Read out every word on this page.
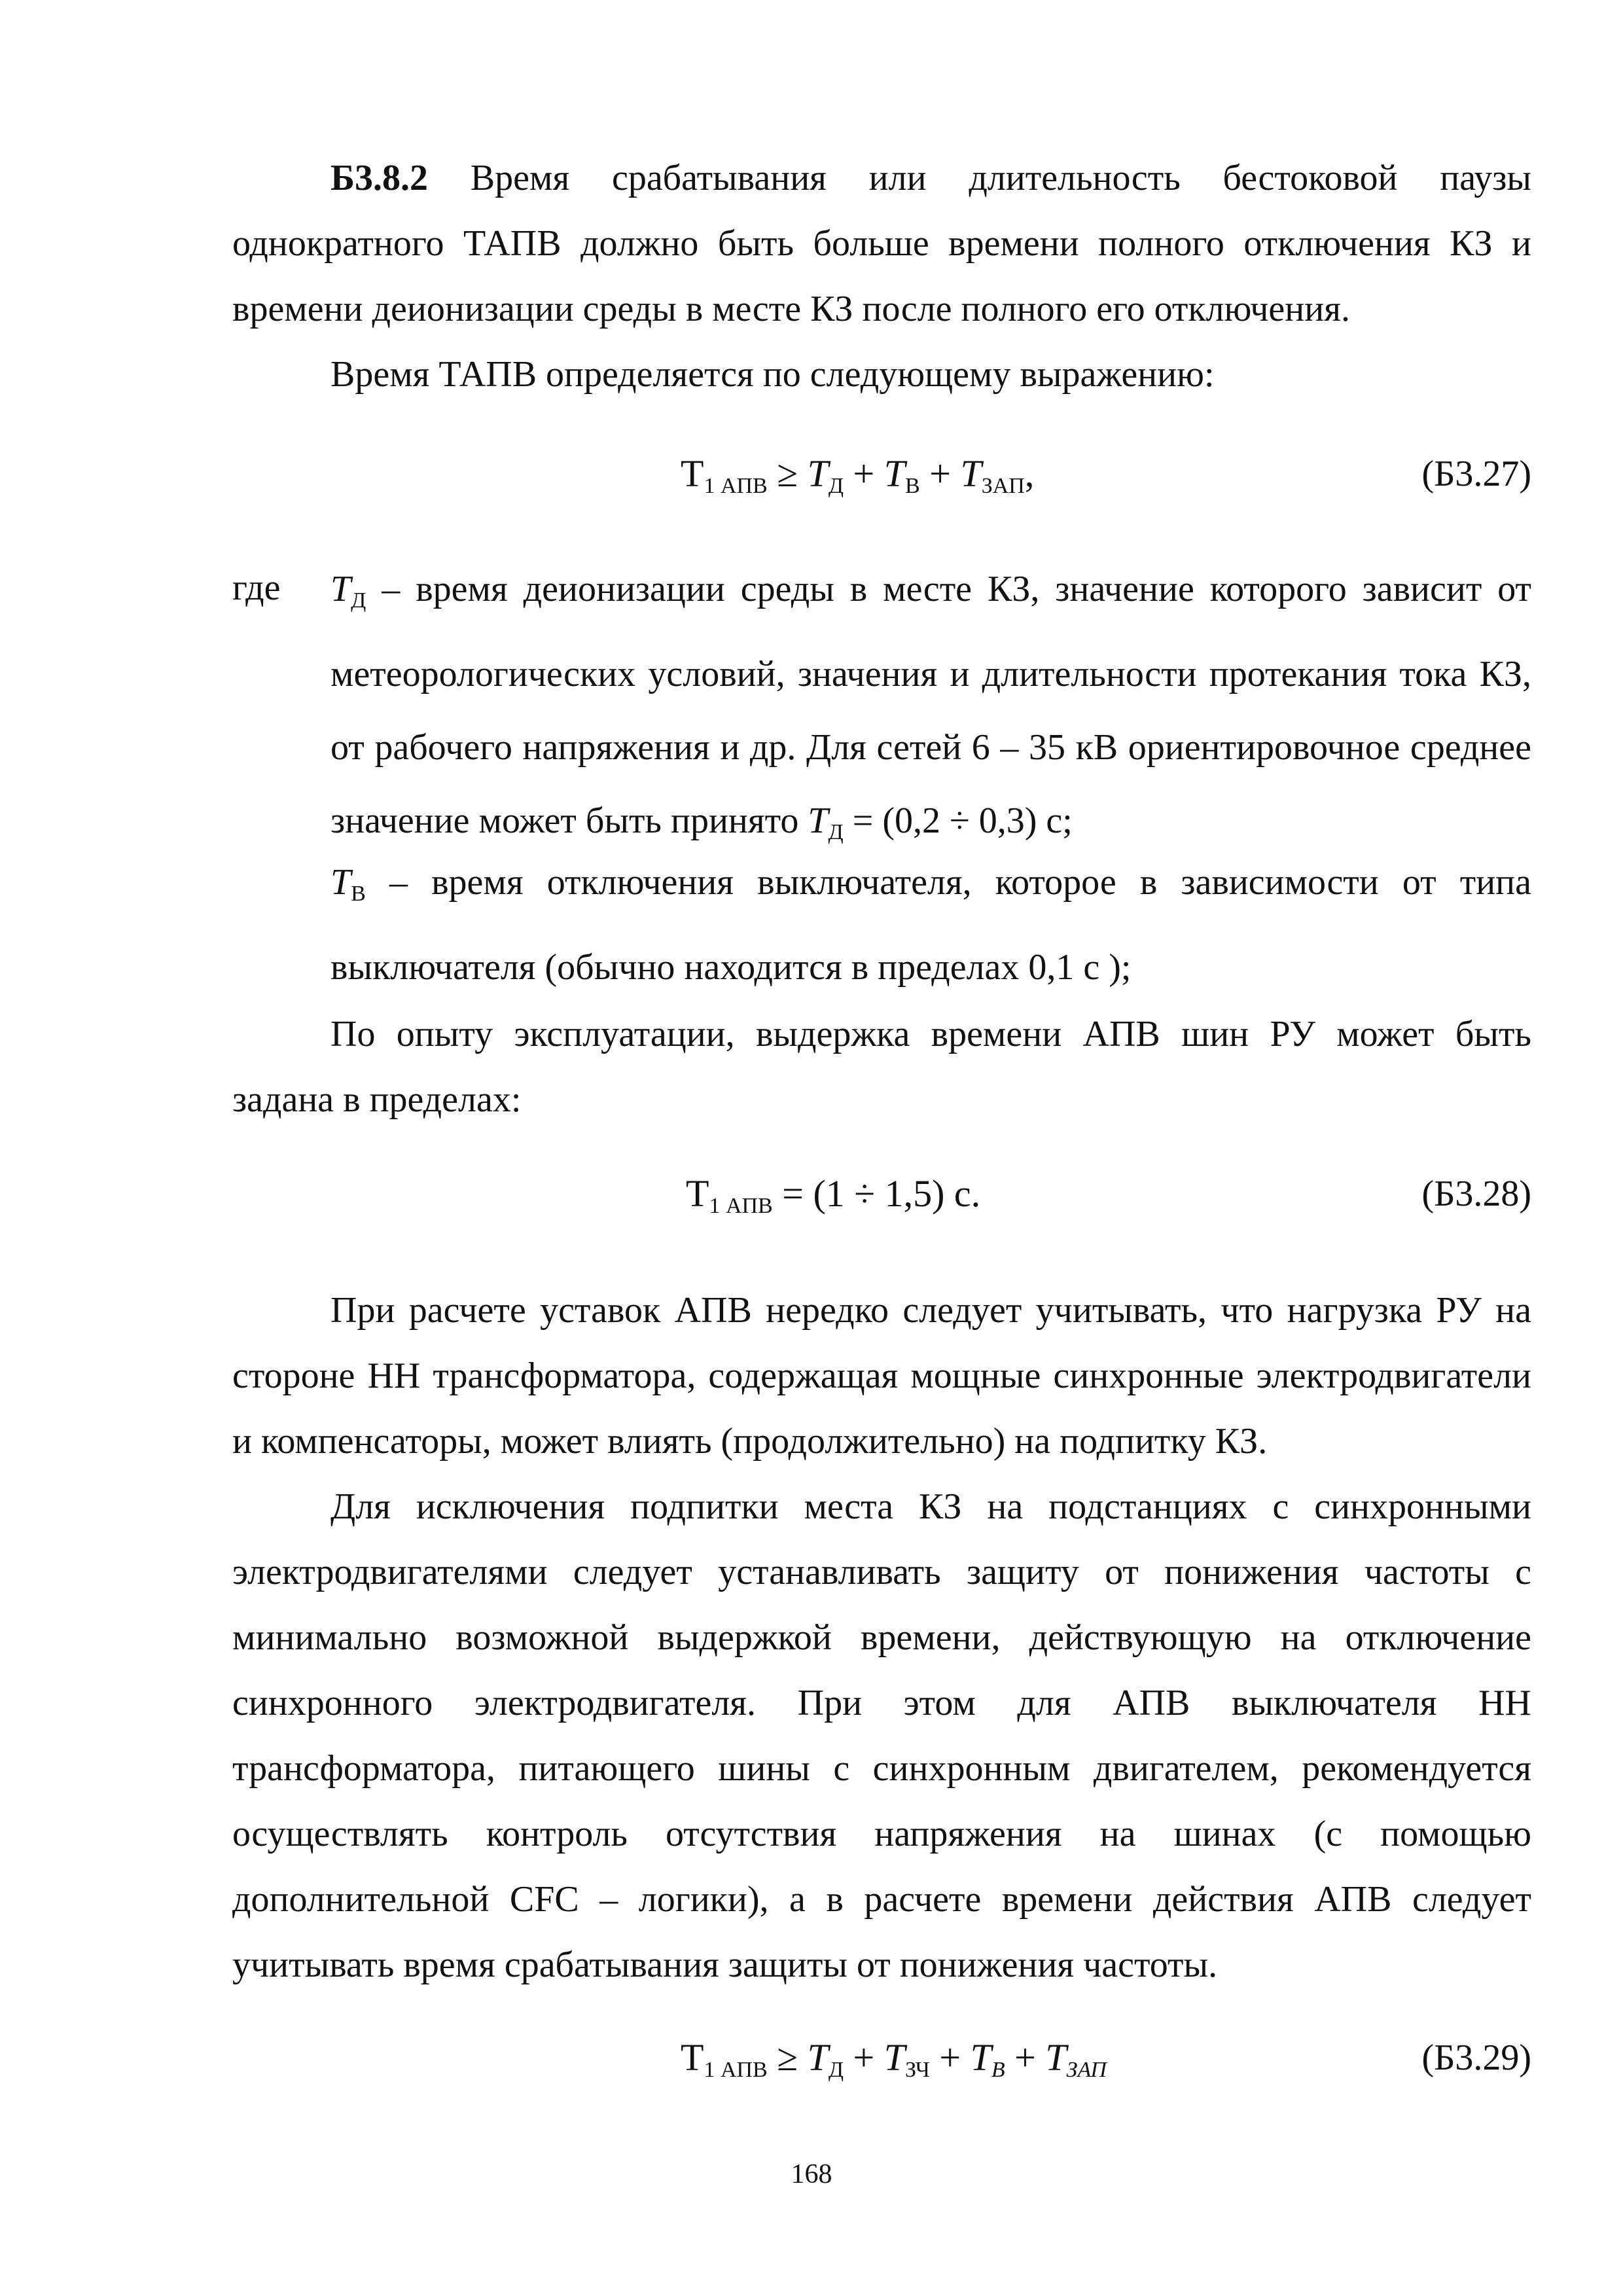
Б3.8.2 Время срабатывания или длительность бестоковой паузы однократного ТАПВ должно быть больше времени полного отключения КЗ и времени деионизации среды в месте КЗ после полного его отключения.
Время ТАПВ определяется по следующему выражению:
$Т_{1 АПВ} \ge T_Д + T_В + T_{ЗАП}$,	(Б3.27)
где $T_Д$ – время деионизации среды в месте КЗ, значение которого зависит от метеорологических условий, значения и длительности протекания тока КЗ, от рабочего напряжения и др. Для сетей 6 – 35 кВ ориентировочное среднее значение может быть принято $T_Д = (0,2 \div 0,3)$ с;
$T_В$ – время отключения выключателя, которое в зависимости от типа выключателя (обычно находится в пределах 0,1 с );
По опыту эксплуатации, выдержка времени АПВ шин РУ может быть задана в пределах:
$Т_{1 АПВ} = (1 \div 1,5)$ с.	(Б3.28)
При расчете уставок АПВ нередко следует учитывать, что нагрузка РУ на стороне НН трансформатора, содержащая мощные синхронные электродвигатели и компенсаторы, может влиять (продолжительно) на подпитку КЗ.
Для исключения подпитки места КЗ на подстанциях с синхронными электродвигателями следует устанавливать защиту от понижения частоты с минимально возможной выдержкой времени, действующую на отключение синхронного электродвигателя. При этом для АПВ выключателя НН трансформатора, питающего шины с синхронным двигателем, рекомендуется осуществлять контроль отсутствия напряжения на шинах (с помощью дополнительной CFC – логики), а в расчете времени действия АПВ следует учитывать время срабатывания защиты от понижения частоты.
$Т_{1 АПВ} \ge T_Д + T_{ЗЧ} + T_В + T_{ЗАП}$	(Б3.29)
168
